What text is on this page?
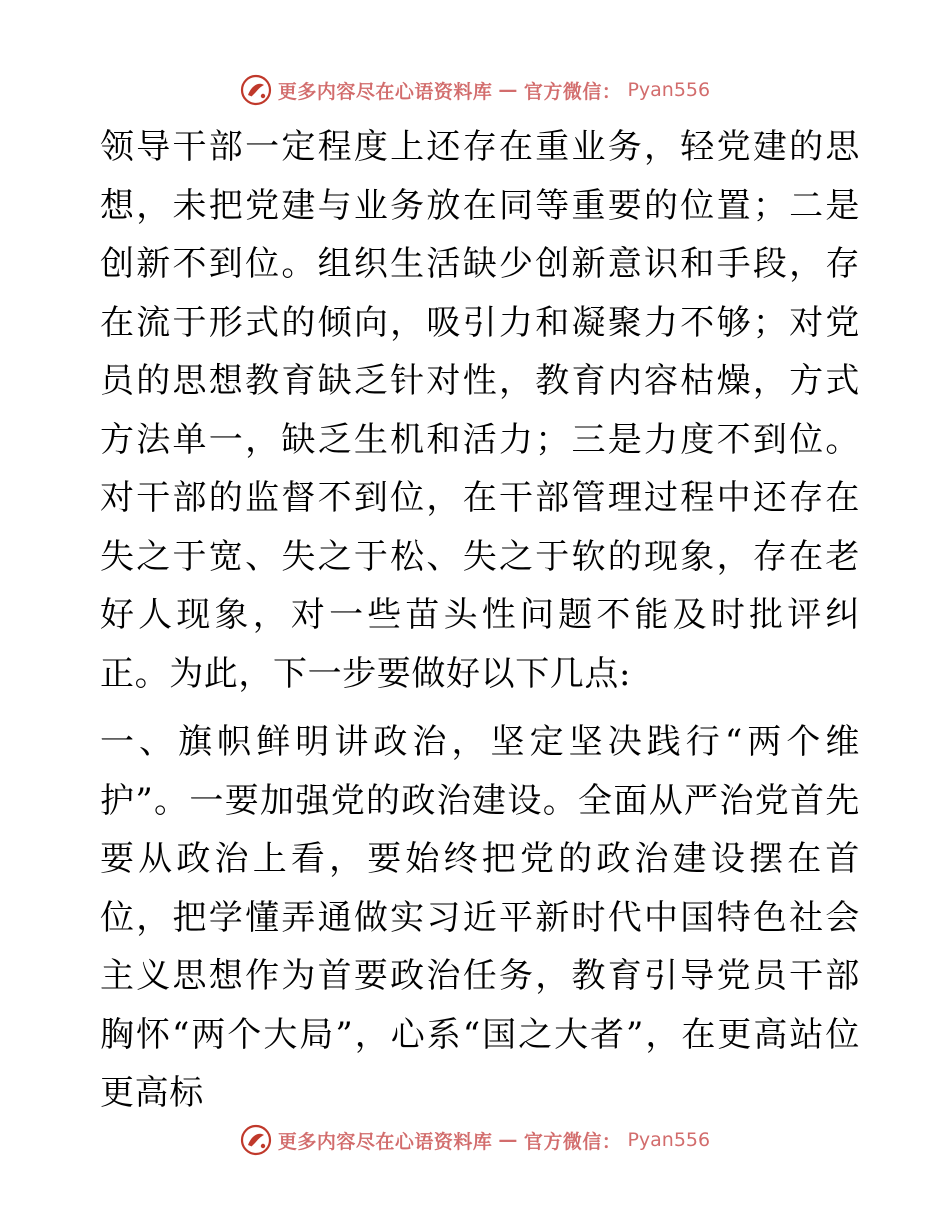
更多内容尽在心语资料库 — 官方微信： Pyan556

领导干部一定程度上还存在重业务，轻党建的思想，未把党建与业务放在同等重要的位置；二是创新不到位。组织生活缺少创新意识和手段，存在流于形式的倾向，吸引力和凝聚力不够；对党员的思想教育缺乏针对性，教育内容枯燥，方式方法单一，缺乏生机和活力；三是力度不到位。对干部的监督不到位，在干部管理过程中还存在失之于宽、失之于松、失之于软的现象，存在老好人现象，对一些苗头性问题不能及时批评纠正。为此，下一步要做好以下几点:

一、旗帜鲜明讲政治，坚定坚决践行“两个维护”。一要加强党的政治建设。全面从严治党首先要从政治上看，要始终把党的政治建设摆在首位，把学懂弄通做实习近平新时代中国特色社会主义思想作为首要政治任务，教育引导党员干部胸怀“两个大局”，心系“国之大者”，在更高站位更高标

更多内容尽在心语资料库 — 官方微信： Pyan556
